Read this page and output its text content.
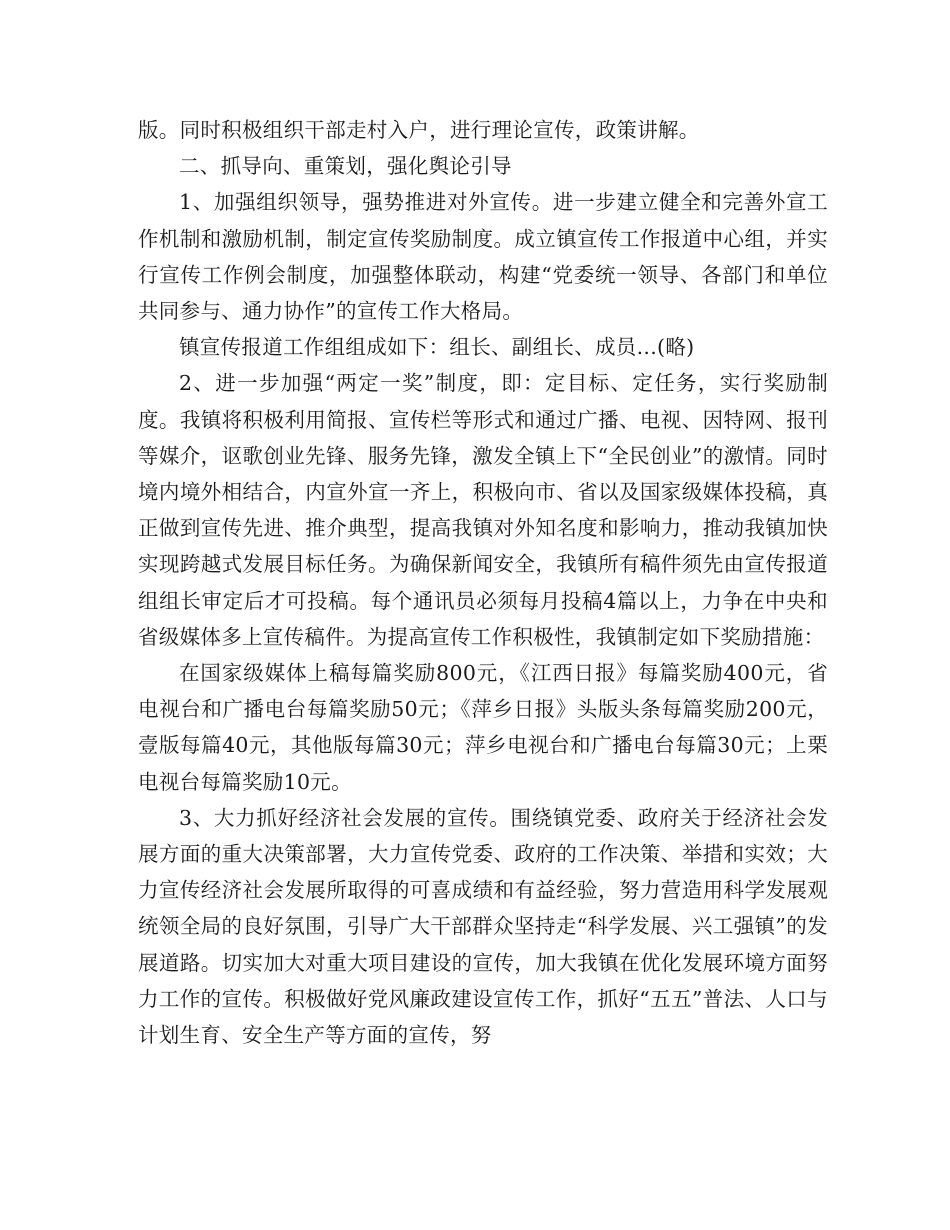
版。同时积极组织干部走村入户，进行理论宣传，政策讲解。

二、抓导向、重策划，强化舆论引导

1、加强组织领导，强势推进对外宣传。进一步建立健全和完善外宣工作机制和激励机制，制定宣传奖励制度。成立镇宣传工作报道中心组，并实行宣传工作例会制度，加强整体联动，构建“党委统一领导、各部门和单位共同参与、通力协作”的宣传工作大格局。

镇宣传报道工作组组成如下：组长、副组长、成员...(略)

2、进一步加强“两定一奖”制度，即：定目标、定任务，实行奖励制度。我镇将积极利用简报、宣传栏等形式和通过广播、电视、因特网、报刊等媒介，讴歌创业先锋、服务先锋，激发全镇上下“全民创业”的激情。同时境内境外相结合，内宣外宣一齐上，积极向市、省以及国家级媒体投稿，真正做到宣传先进、推介典型，提高我镇对外知名度和影响力，推动我镇加快实现跨越式发展目标任务。为确保新闻安全，我镇所有稿件须先由宣传报道组组长审定后才可投稿。每个通讯员必须每月投稿4篇以上，力争在中央和省级媒体多上宣传稿件。为提高宣传工作积极性，我镇制定如下奖励措施：

在国家级媒体上稿每篇奖励800元，《江西日报》每篇奖励400元，省电视台和广播电台每篇奖励50元；《萍乡日报》头版头条每篇奖励200元，壹版每篇40元，其他版每篇30元；萍乡电视台和广播电台每篇30元；上栗电视台每篇奖励10元。

3、大力抓好经济社会发展的宣传。围绕镇党委、政府关于经济社会发展方面的重大决策部署，大力宣传党委、政府的工作决策、举措和实效；大力宣传经济社会发展所取得的可喜成绩和有益经验，努力营造用科学发展观统领全局的良好氛围，引导广大干部群众坚持走“科学发展、兴工强镇”的发展道路。切实加大对重大项目建设的宣传，加大我镇在优化发展环境方面努力工作的宣传。积极做好党风廉政建设宣传工作，抓好“五五”普法、人口与计划生育、安全生产等方面的宣传，努
